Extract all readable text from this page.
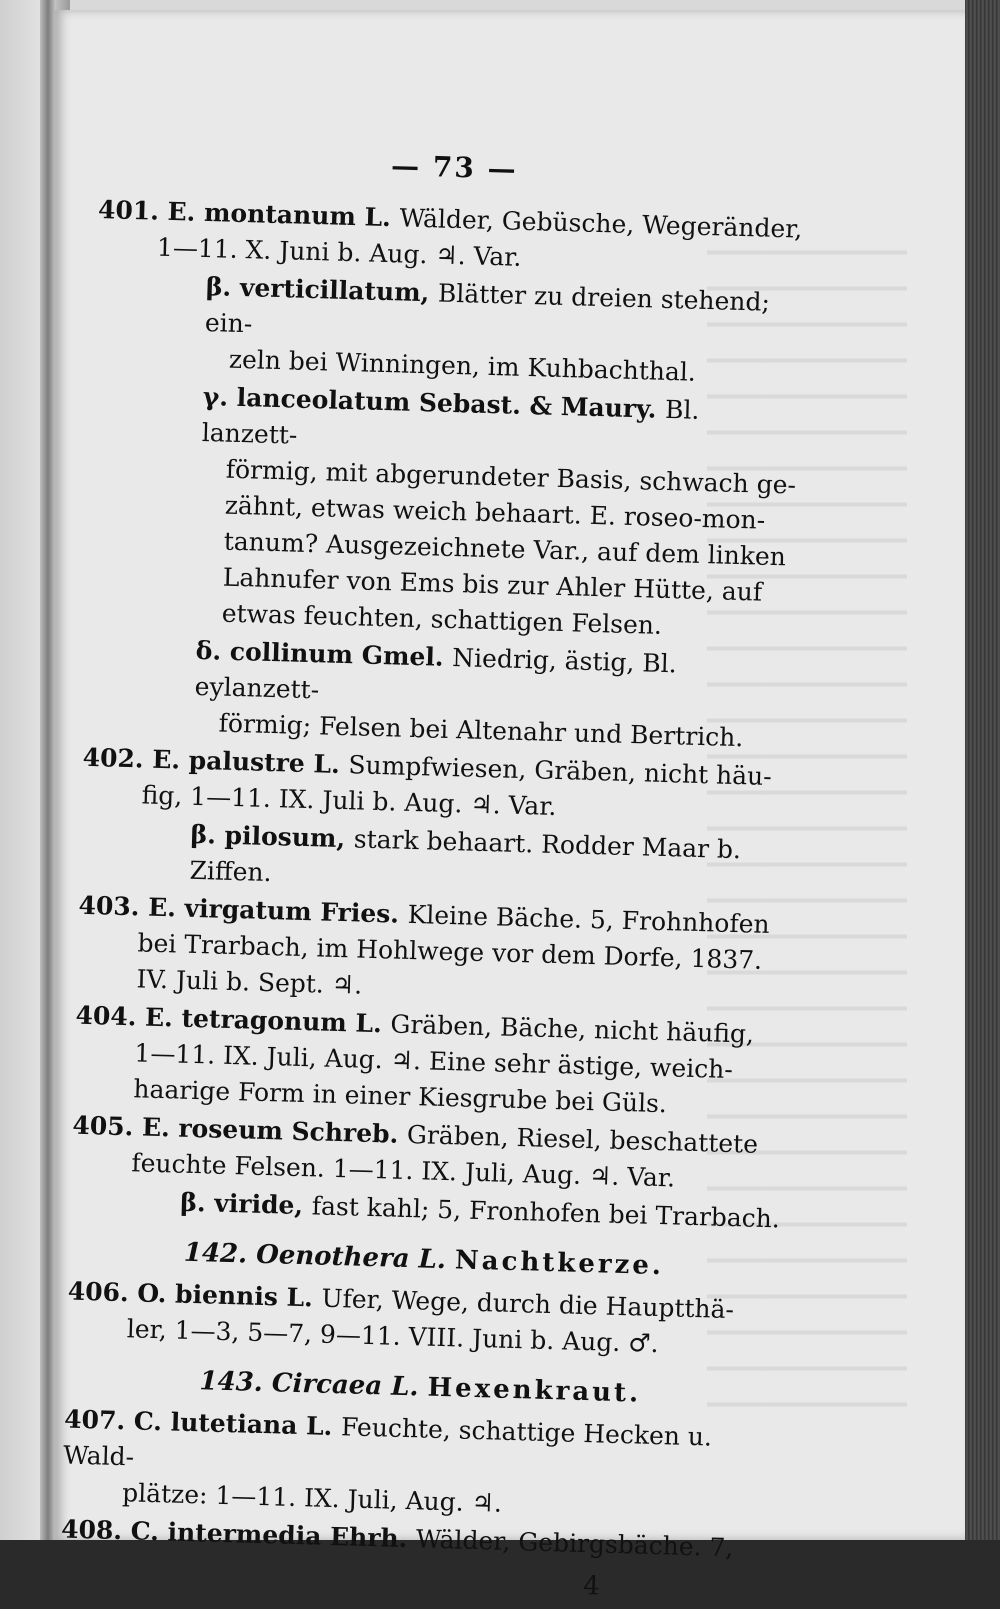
— 73 —

401. E. montanum L. Wälder, Gebüsche, Wegeränder,

1—11. X. Juni b. Aug. ♃. Var.

β. verticillatum, Blätter zu dreien stehend; ein-

zeln bei Winningen, im Kuhbachthal.

γ. lanceolatum Sebast. & Maury. Bl. lanzett-

förmig, mit abgerundeter Basis, schwach ge-

zähnt, etwas weich behaart. E. roseo-mon-

tanum? Ausgezeichnete Var., auf dem linken

Lahnufer von Ems bis zur Ahler Hütte, auf

etwas feuchten, schattigen Felsen.

δ. collinum Gmel. Niedrig, ästig, Bl. eylanzett-

förmig; Felsen bei Altenahr und Bertrich.

402. E. palustre L. Sumpfwiesen, Gräben, nicht häu-

fig, 1—11. IX. Juli b. Aug. ♃. Var.

β. pilosum, stark behaart. Rodder Maar b. Ziffen.

403. E. virgatum Fries. Kleine Bäche. 5, Frohnhofen

bei Trarbach, im Hohlwege vor dem Dorfe, 1837.

IV. Juli b. Sept. ♃.

404. E. tetragonum L. Gräben, Bäche, nicht häufig,

1—11. IX. Juli, Aug. ♃. Eine sehr ästige, weich-

haarige Form in einer Kiesgrube bei Güls.

405. E. roseum Schreb. Gräben, Riesel, beschattete

feuchte Felsen. 1—11. IX. Juli, Aug. ♃. Var.

β. viride, fast kahl; 5, Fronhofen bei Trarbach.

142. Oenothera L. Nachtkerze.

406. O. biennis L. Ufer, Wege, durch die Hauptthä-

ler, 1—3, 5—7, 9—11. VIII. Juni b. Aug. ♂.

143. Circaea L. Hexenkraut.

407. C. lutetiana L. Feuchte, schattige Hecken u. Wald-

plätze: 1—11. IX. Juli, Aug. ♃.

408. C. intermedia Ehrh. Wälder, Gebirgsbäche. 7,

4
